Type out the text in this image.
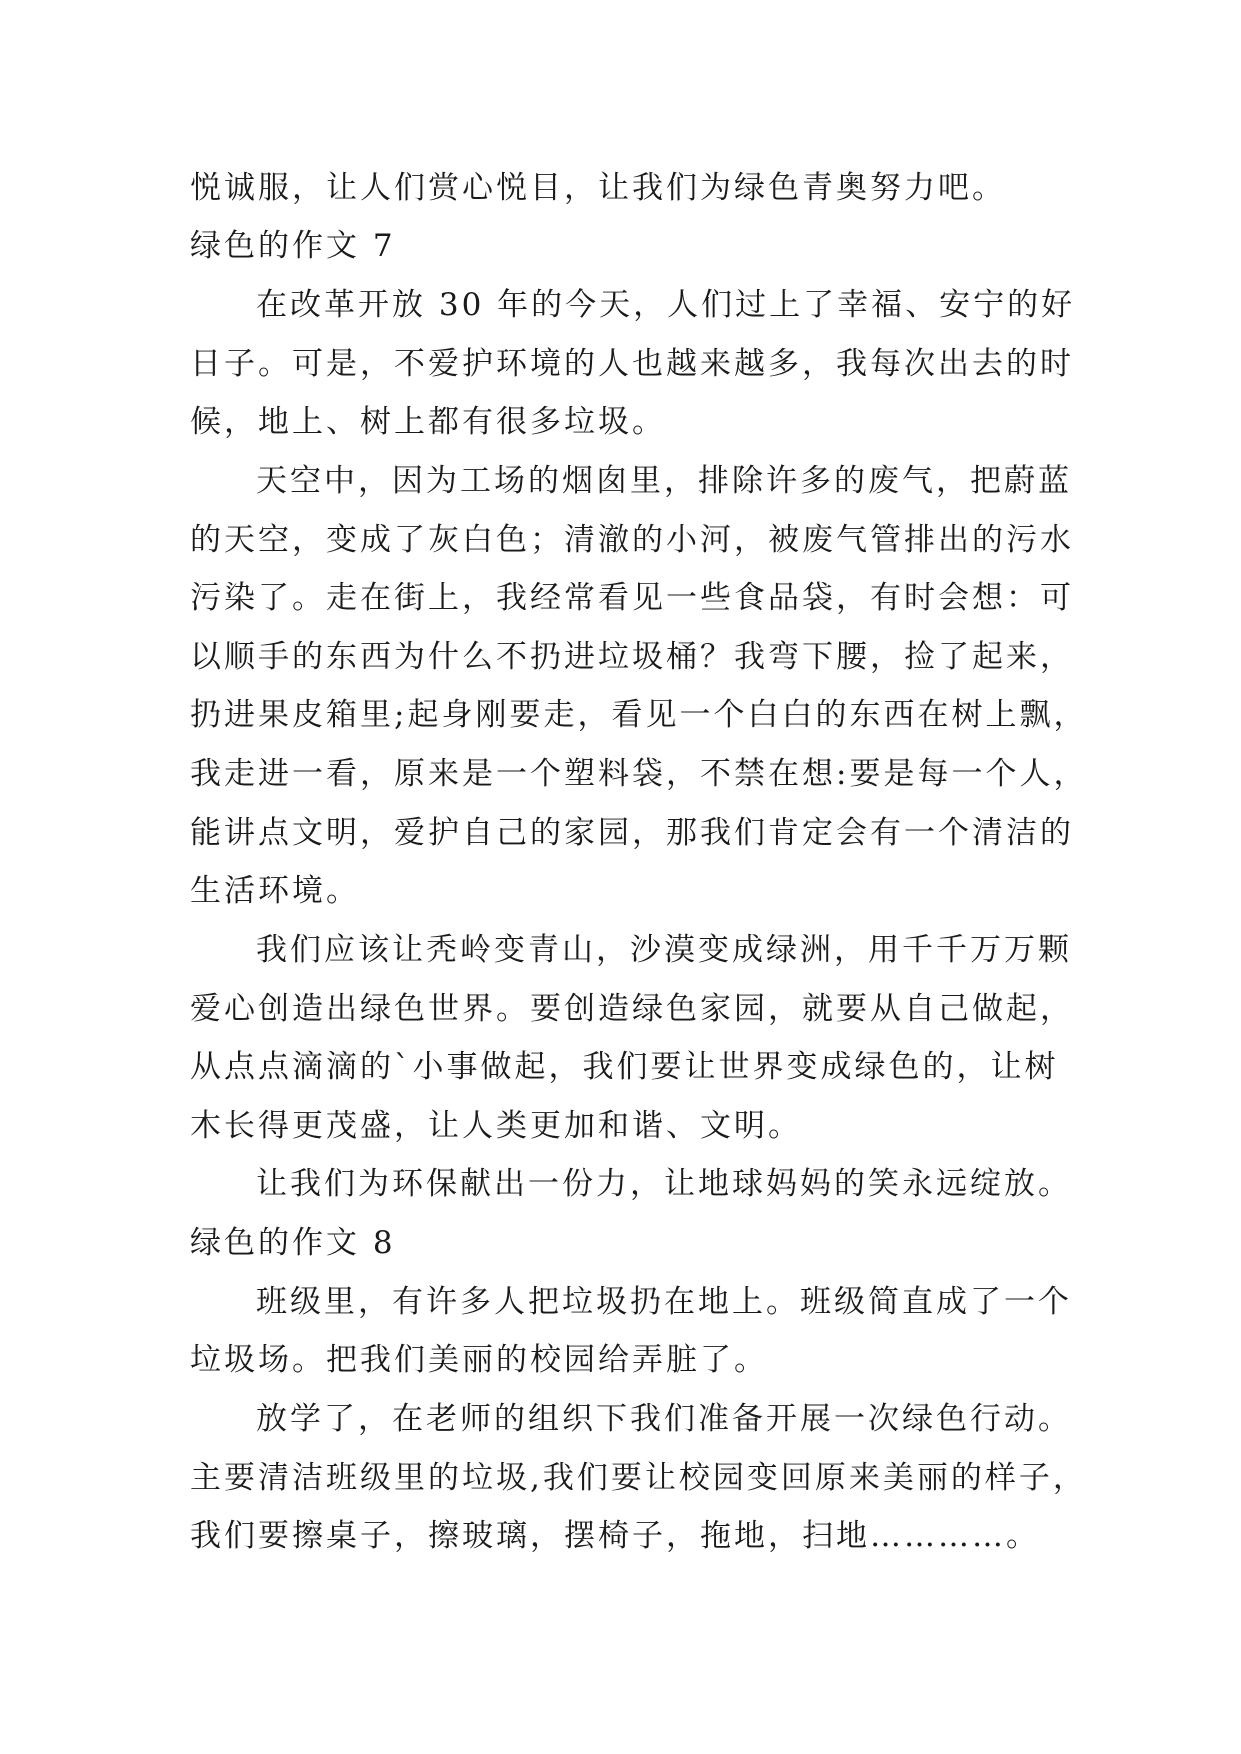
悦诚服，让人们赏心悦目，让我们为绿色青奥努力吧。
绿色的作文 7
在改革开放 30 年的今天，人们过上了幸福、安宁的好
日子。可是，不爱护环境的人也越来越多，我每次出去的时
候，地上、树上都有很多垃圾。
天空中，因为工场的烟囱里，排除许多的废气，把蔚蓝
的天空，变成了灰白色；清澈的小河，被废气管排出的污水
污染了。走在街上，我经常看见一些食品袋，有时会想：可
以顺手的东西为什么不扔进垃圾桶？我弯下腰，捡了起来，
扔进果皮箱里;起身刚要走，看见一个白白的东西在树上飘，
我走进一看，原来是一个塑料袋，不禁在想:要是每一个人，
能讲点文明，爱护自己的家园，那我们肯定会有一个清洁的
生活环境。
我们应该让秃岭变青山，沙漠变成绿洲，用千千万万颗
爱心创造出绿色世界。要创造绿色家园，就要从自己做起，
从点点滴滴的`小事做起，我们要让世界变成绿色的，让树
木长得更茂盛，让人类更加和谐、文明。
让我们为环保献出一份力，让地球妈妈的笑永远绽放。
绿色的作文 8
班级里，有许多人把垃圾扔在地上。班级简直成了一个
垃圾场。把我们美丽的校园给弄脏了。
放学了，在老师的组织下我们准备开展一次绿色行动。
主要清洁班级里的垃圾,我们要让校园变回原来美丽的样子，
我们要擦桌子，擦玻璃，摆椅子，拖地，扫地…………。
